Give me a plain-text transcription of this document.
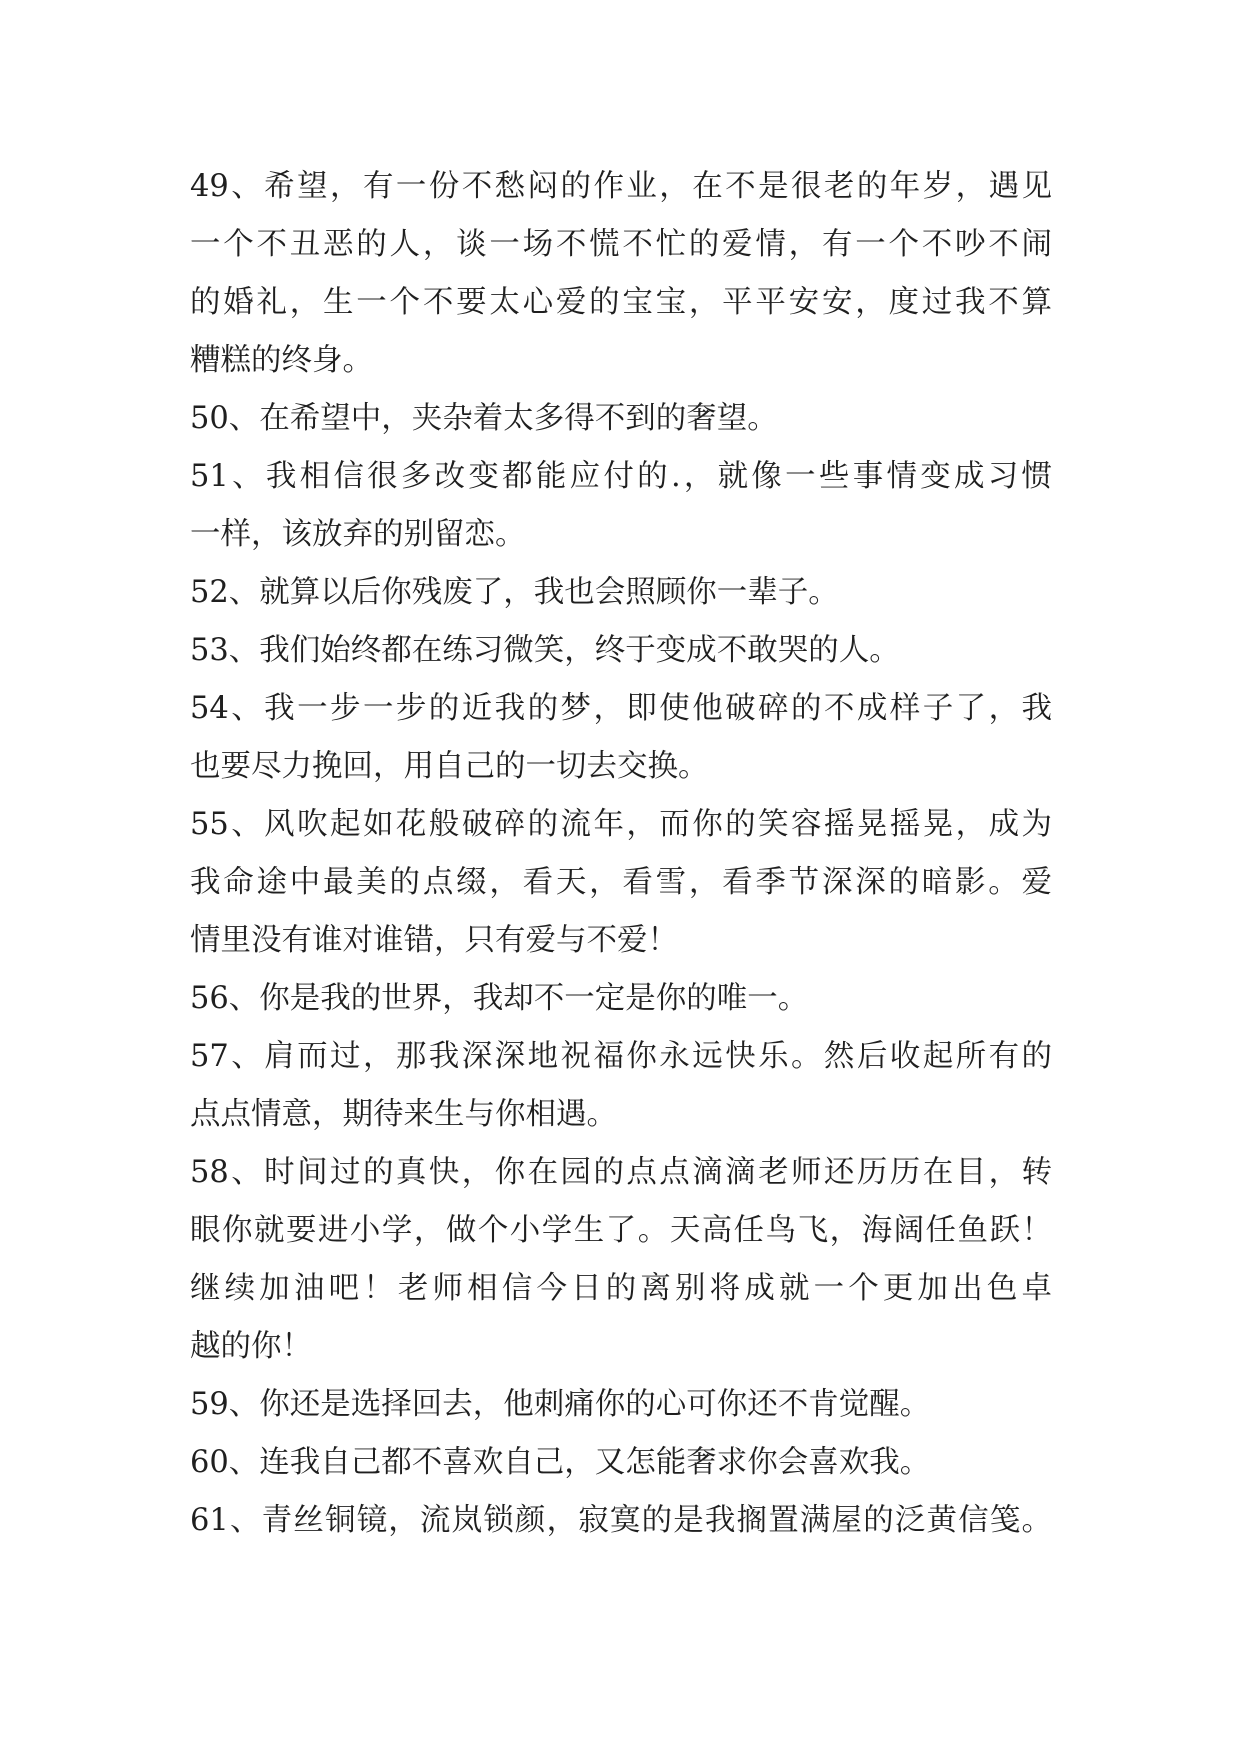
49、希望，有一份不愁闷的作业，在不是很老的年岁，遇见
一个不丑恶的人，谈一场不慌不忙的爱情，有一个不吵不闹
的婚礼，生一个不要太心爱的宝宝，平平安安，度过我不算
糟糕的终身。
50、在希望中，夹杂着太多得不到的奢望。
51、我相信很多改变都能应付的.，就像一些事情变成习惯
一样，该放弃的别留恋。
52、就算以后你残废了，我也会照顾你一辈子。
53、我们始终都在练习微笑，终于变成不敢哭的人。
54、我一步一步的近我的梦，即使他破碎的不成样子了，我
也要尽力挽回，用自己的一切去交换。
55、风吹起如花般破碎的流年，而你的笑容摇晃摇晃，成为
我命途中最美的点缀，看天，看雪，看季节深深的暗影。爱
情里没有谁对谁错，只有爱与不爱！
56、你是我的世界，我却不一定是你的唯一。
57、肩而过，那我深深地祝福你永远快乐。然后收起所有的
点点情意，期待来生与你相遇。
58、时间过的真快，你在园的点点滴滴老师还历历在目，转
眼你就要进小学，做个小学生了。天高任鸟飞，海阔任鱼跃！
继续加油吧！老师相信今日的离别将成就一个更加出色卓
越的你！
59、你还是选择回去，他刺痛你的心可你还不肯觉醒。
60、连我自己都不喜欢自己，又怎能奢求你会喜欢我。
61、青丝铜镜，流岚锁颜，寂寞的是我搁置满屋的泛黄信笺。
